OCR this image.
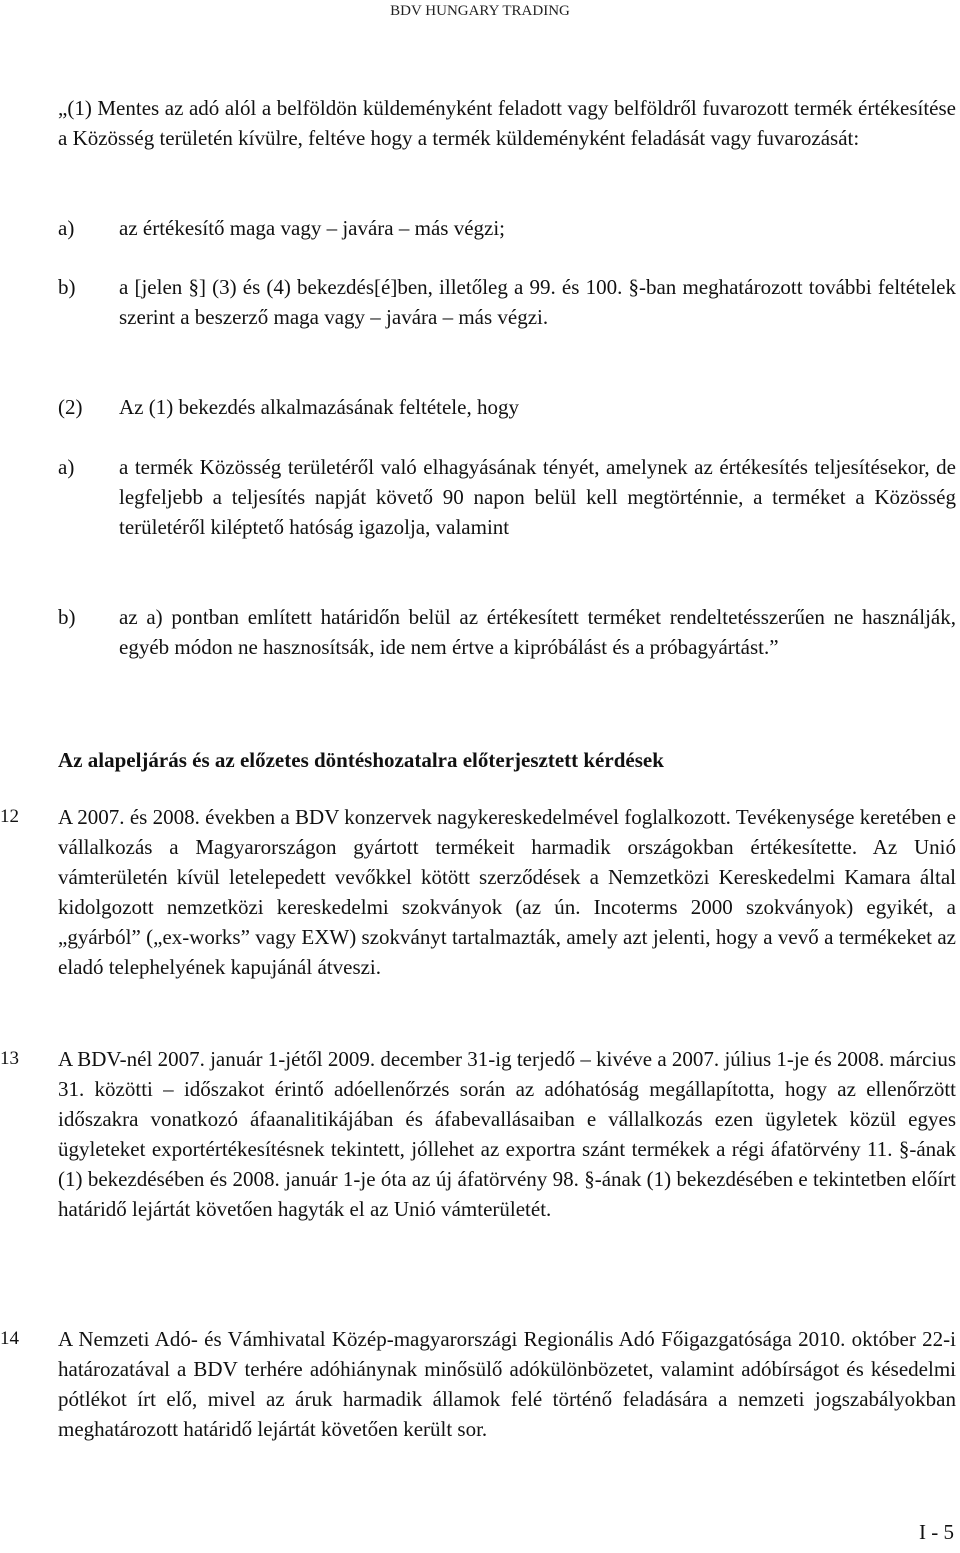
BDV HUNGARY TRADING
„(1) Mentes az adó alól a belföldön küldeményként feladott vagy belföldről fuvarozott termék értékesítése a Közösség területén kívülre, feltéve hogy a termék küldeményként feladását vagy fuvarozását:
a) az értékesítő maga vagy – javára – más végzi;
b) a [jelen §] (3) és (4) bekezdés[é]ben, illetőleg a 99. és 100. §-ban meghatározott további feltételek szerint a beszerző maga vagy – javára – más végzi.
(2) Az (1) bekezdés alkalmazásának feltétele, hogy
a) a termék Közösség területéről való elhagyásának tényét, amelynek az értékesítés teljesítésekor, de legfeljebb a teljesítés napját követő 90 napon belül kell megtörténnie, a terméket a Közösség területéről kiléptető hatóság igazolja, valamint
b) az a) pontban említett határidőn belül az értékesített terméket rendeltetésszerűen ne használják, egyéb módon ne hasznosítsák, ide nem értve a kipróbálást és a próbagyártást.”
Az alapeljárás és az előzetes döntéshozatalra előterjesztett kérdések
12 A 2007. és 2008. években a BDV konzervek nagykereskedelmével foglalkozott. Tevékenysége keretében e vállalkozás a Magyarországon gyártott termékeit harmadik országokban értékesítette. Az Unió vámterületén kívül letelepedett vevőkkel kötött szerződések a Nemzetközi Kereskedelmi Kamara által kidolgozott nemzetközi kereskedelmi szokványok (az ún. Incoterms 2000 szokványok) egyikét, a „gyárból” („ex-works” vagy EXW) szokványt tartalmazták, amely azt jelenti, hogy a vevő a termékeket az eladó telephelyének kapujánál átveszi.
13 A BDV-nél 2007. január 1-jétől 2009. december 31-ig terjedő – kivéve a 2007. július 1-je és 2008. március 31. közötti – időszakot érintő adóellenőrzés során az adóhatóság megállapította, hogy az ellenőrzött időszakra vonatkozó áfaanalitikájában és áfabevallásaiban e vállalkozás ezen ügyletek közül egyes ügyleteket exportértékesítésnek tekintett, jóllehet az exportra szánt termékek a régi áfatörvény 11. §-ának (1) bekezdésében és 2008. január 1-je óta az új áfatörvény 98. §-ának (1) bekezdésében e tekintetben előírt határidő lejártát követően hagyták el az Unió vámterületét.
14 A Nemzeti Adó- és Vámhivatal Közép-magyarországi Regionális Adó Főigazgatósága 2010. október 22-i határozatával a BDV terhére adóhiánynak minősülő adókülönbözetet, valamint adóbírságot és késedelmi pótlékot írt elő, mivel az áruk harmadik államok felé történő feladására a nemzeti jogszabályokban meghatározott határidő lejártát követően került sor.
I - 5
